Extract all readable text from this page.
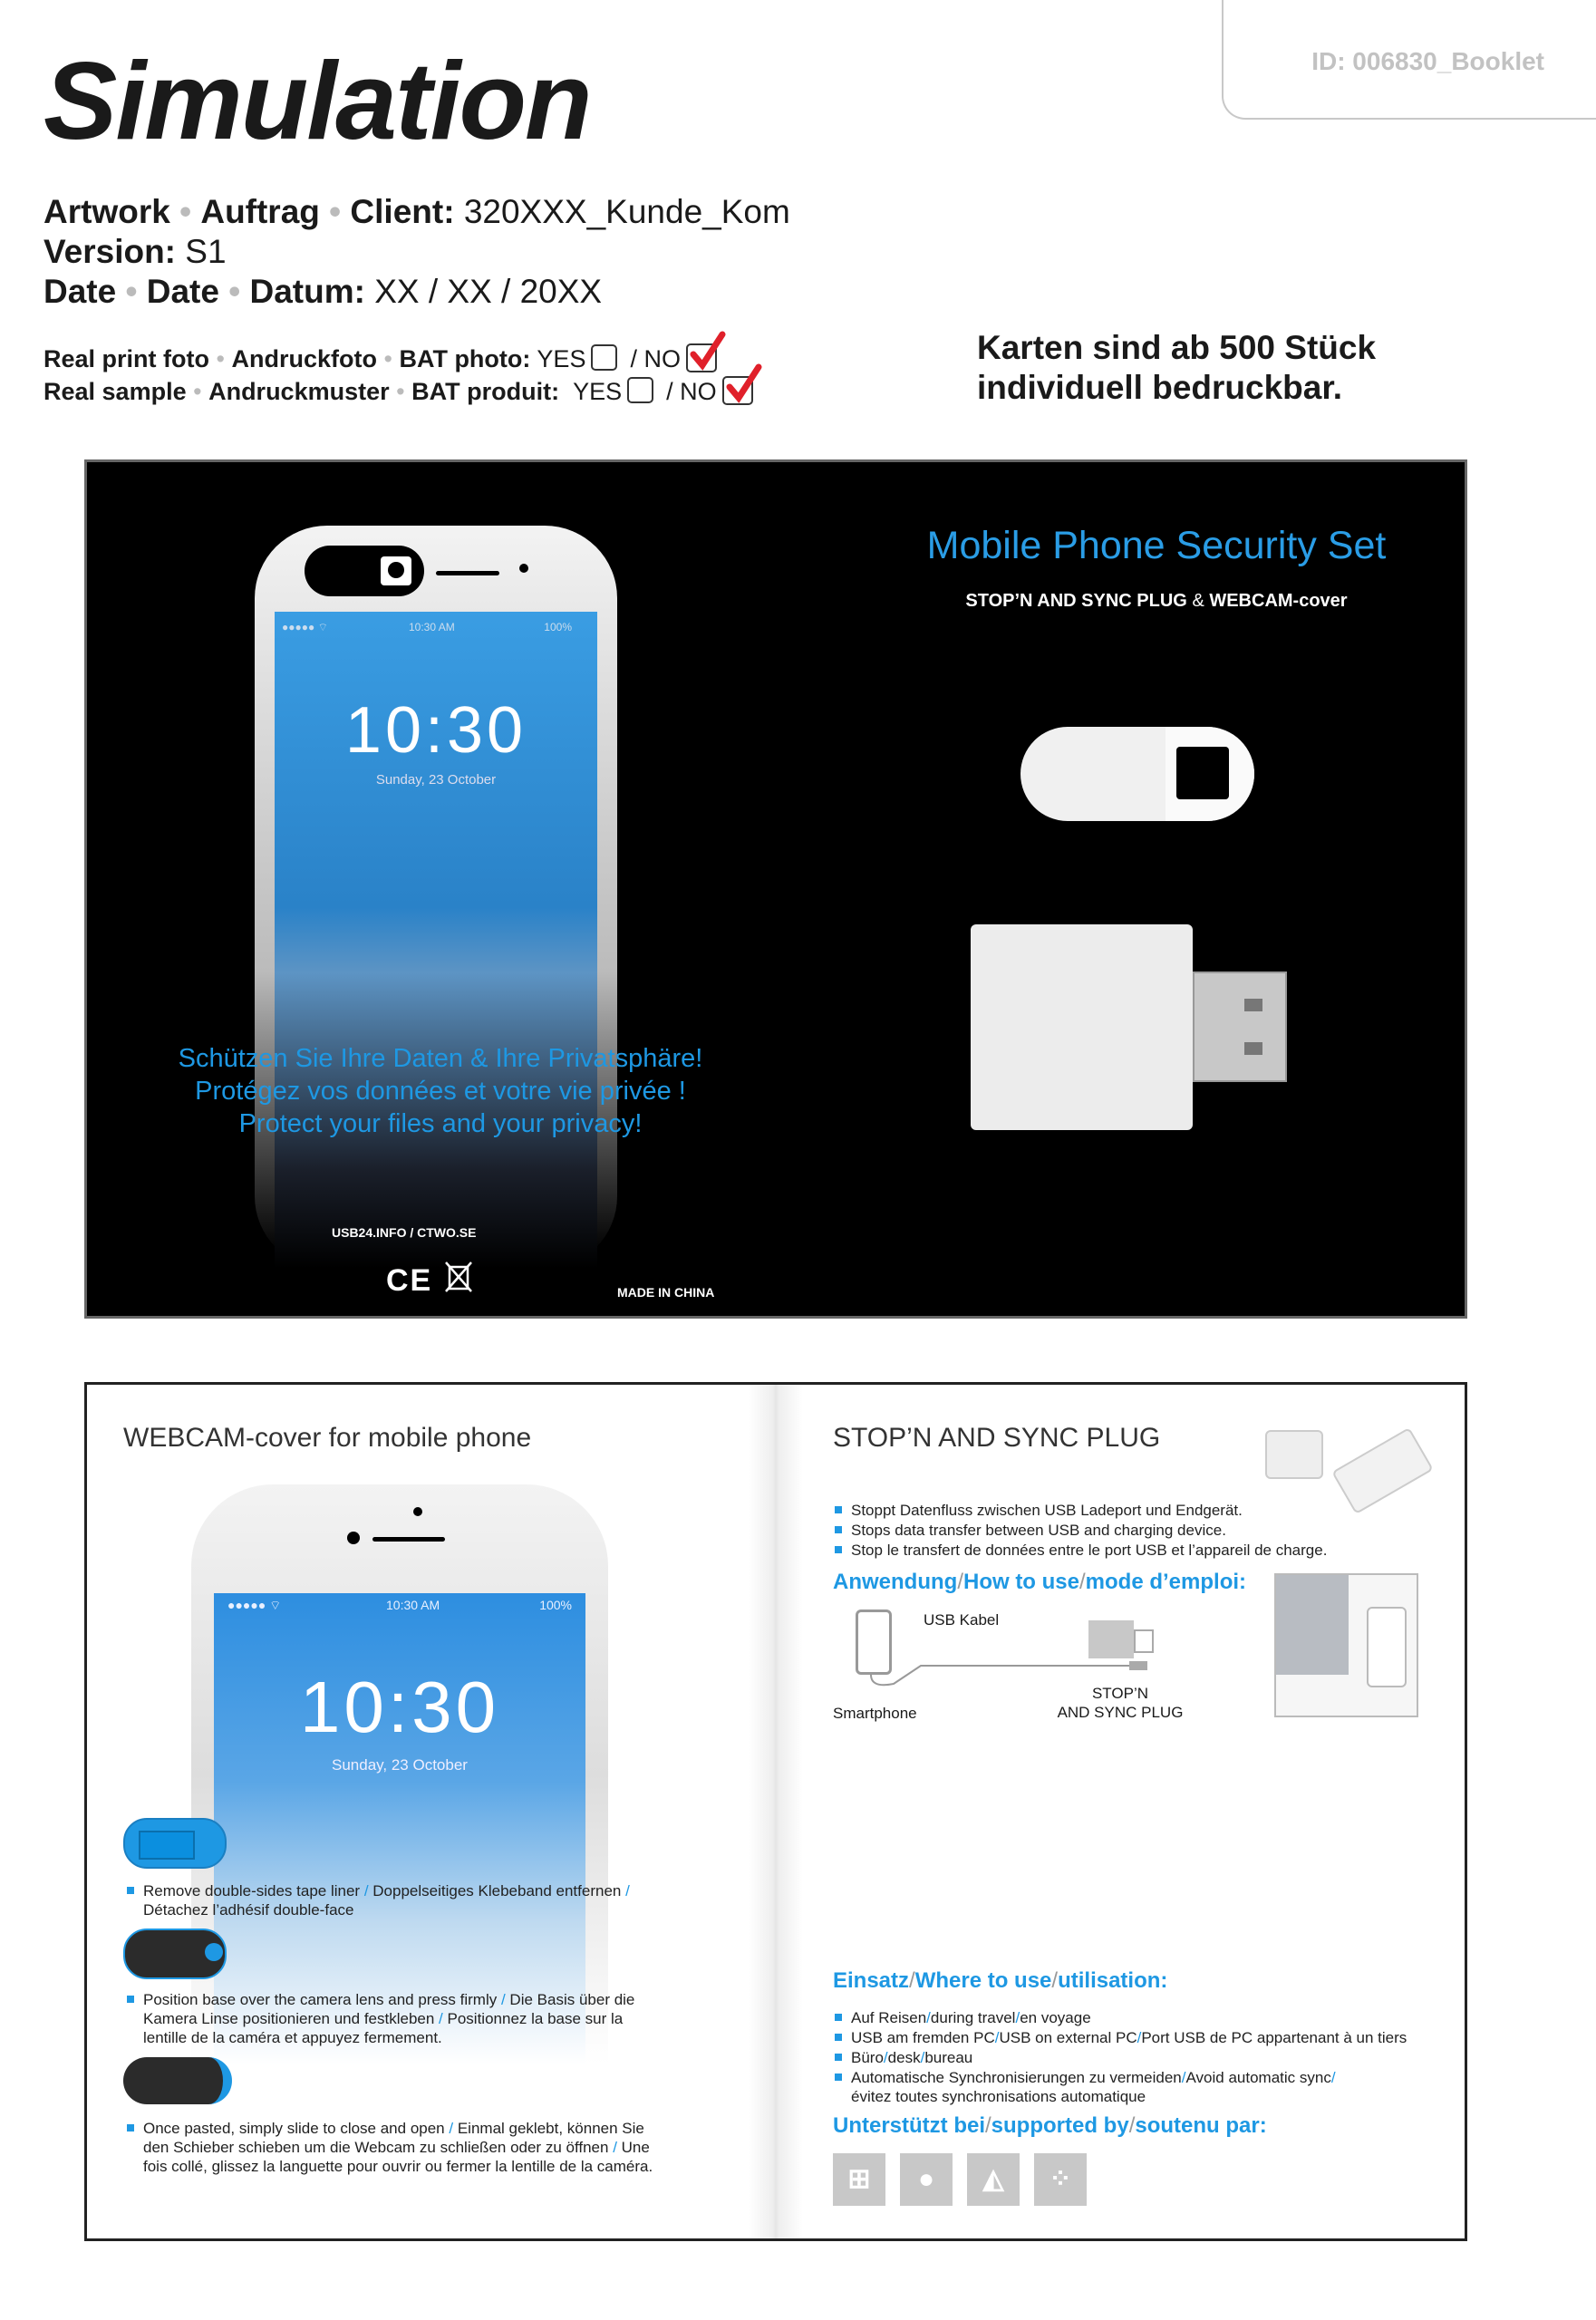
ID: 006830_Booklet
Simulation
Artwork • Auftrag • Client: 320XXX_Kunde_Kom
Version: S1
Date • Date • Datum: XX / XX / 20XX
Real print foto • Andruckfoto • BAT photo: YES / NO
Real sample • Andruckmuster • BAT produit: YES / NO
Karten sind ab 500 Stück
individuell bedruckbar.
●●●●● ⌔	10:30 AM	100%
10:30
Sunday, 23 October
Schützen Sie Ihre Daten & Ihre Privatsphäre!
Protégez vos données et votre vie privée !
Protect your files and your privacy!
Mobile Phone Security Set
STOP’N AND SYNC PLUG & WEBCAM-cover
USB24.INFO / CTWO.SE
CE	MADE IN CHINA
WEBCAM-cover for mobile phone
●●●●● ⌔	10:30 AM	100%
10:30
Sunday, 23 October
Remove double-sides tape liner / Doppelseitiges Klebeband entfernen /
Détachez l’adhésif double-face
Position base over the camera lens and press firmly / Die Basis über die Kamera Linse positionieren und festkleben / Positionnez la base sur la lentille de la caméra et appuyez fermement.
Once pasted, simply slide to close and open / Einmal geklebt, können Sie den Schieber schieben um die Webcam zu schließen oder zu öffnen / Une fois collé, glissez la languette pour ouvrir ou fermer la lentille de la caméra.
STOP’N AND SYNC PLUG
Stoppt Datenfluss zwischen USB Ladeport und Endgerät.
Stops data transfer between USB and charging device.
Stop le transfert de données entre le port USB et l’appareil de charge.
Anwendung/How to use/mode d’emploi:
USB Kabel
Smartphone
STOP’N
AND SYNC PLUG
Einsatz/Where to use/utilisation:
Auf Reisen/during travel/en voyage
USB am fremden PC/USB on external PC/Port USB de PC appartenant à un tiers
Büro/desk/bureau
Automatische Synchronisierungen zu vermeiden/Avoid automatic sync/
évitez toutes synchronisations automatique
Unterstützt bei/supported by/soutenu par:
⊞	●	◭	⁘
